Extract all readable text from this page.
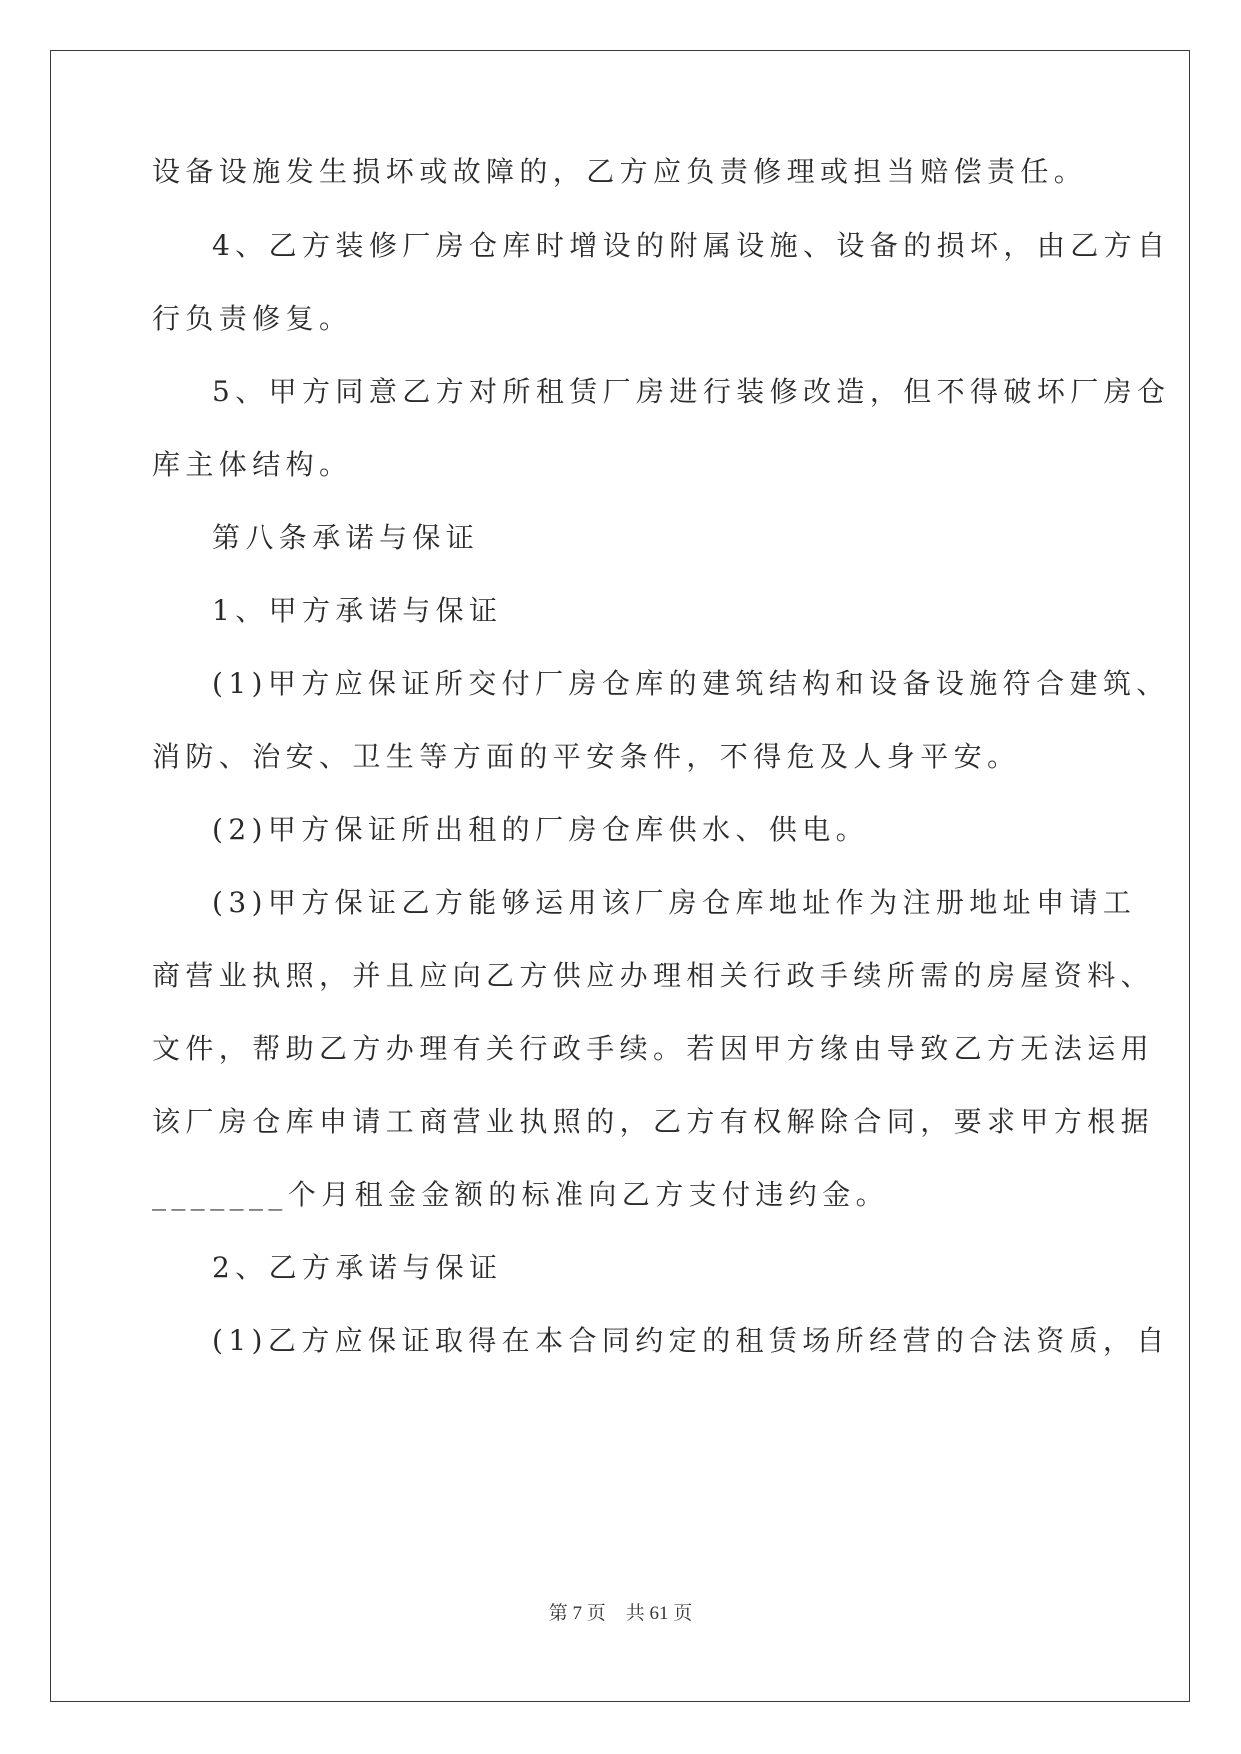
设备设施发生损坏或故障的，乙方应负责修理或担当赔偿责任。
4、乙方装修厂房仓库时增设的附属设施、设备的损坏，由乙方自
行负责修复。
5、甲方同意乙方对所租赁厂房进行装修改造，但不得破坏厂房仓
库主体结构。
第八条承诺与保证
1、甲方承诺与保证
(1)甲方应保证所交付厂房仓库的建筑结构和设备设施符合建筑、
消防、治安、卫生等方面的平安条件，不得危及人身平安。
(2)甲方保证所出租的厂房仓库供水、供电。
(3)甲方保证乙方能够运用该厂房仓库地址作为注册地址申请工
商营业执照，并且应向乙方供应办理相关行政手续所需的房屋资料、
文件，帮助乙方办理有关行政手续。若因甲方缘由导致乙方无法运用
该厂房仓库申请工商营业执照的，乙方有权解除合同，要求甲方根据
_______个月租金金额的标准向乙方支付违约金。
2、乙方承诺与保证
(1)乙方应保证取得在本合同约定的租赁场所经营的合法资质，自
第 7 页 共 61 页
